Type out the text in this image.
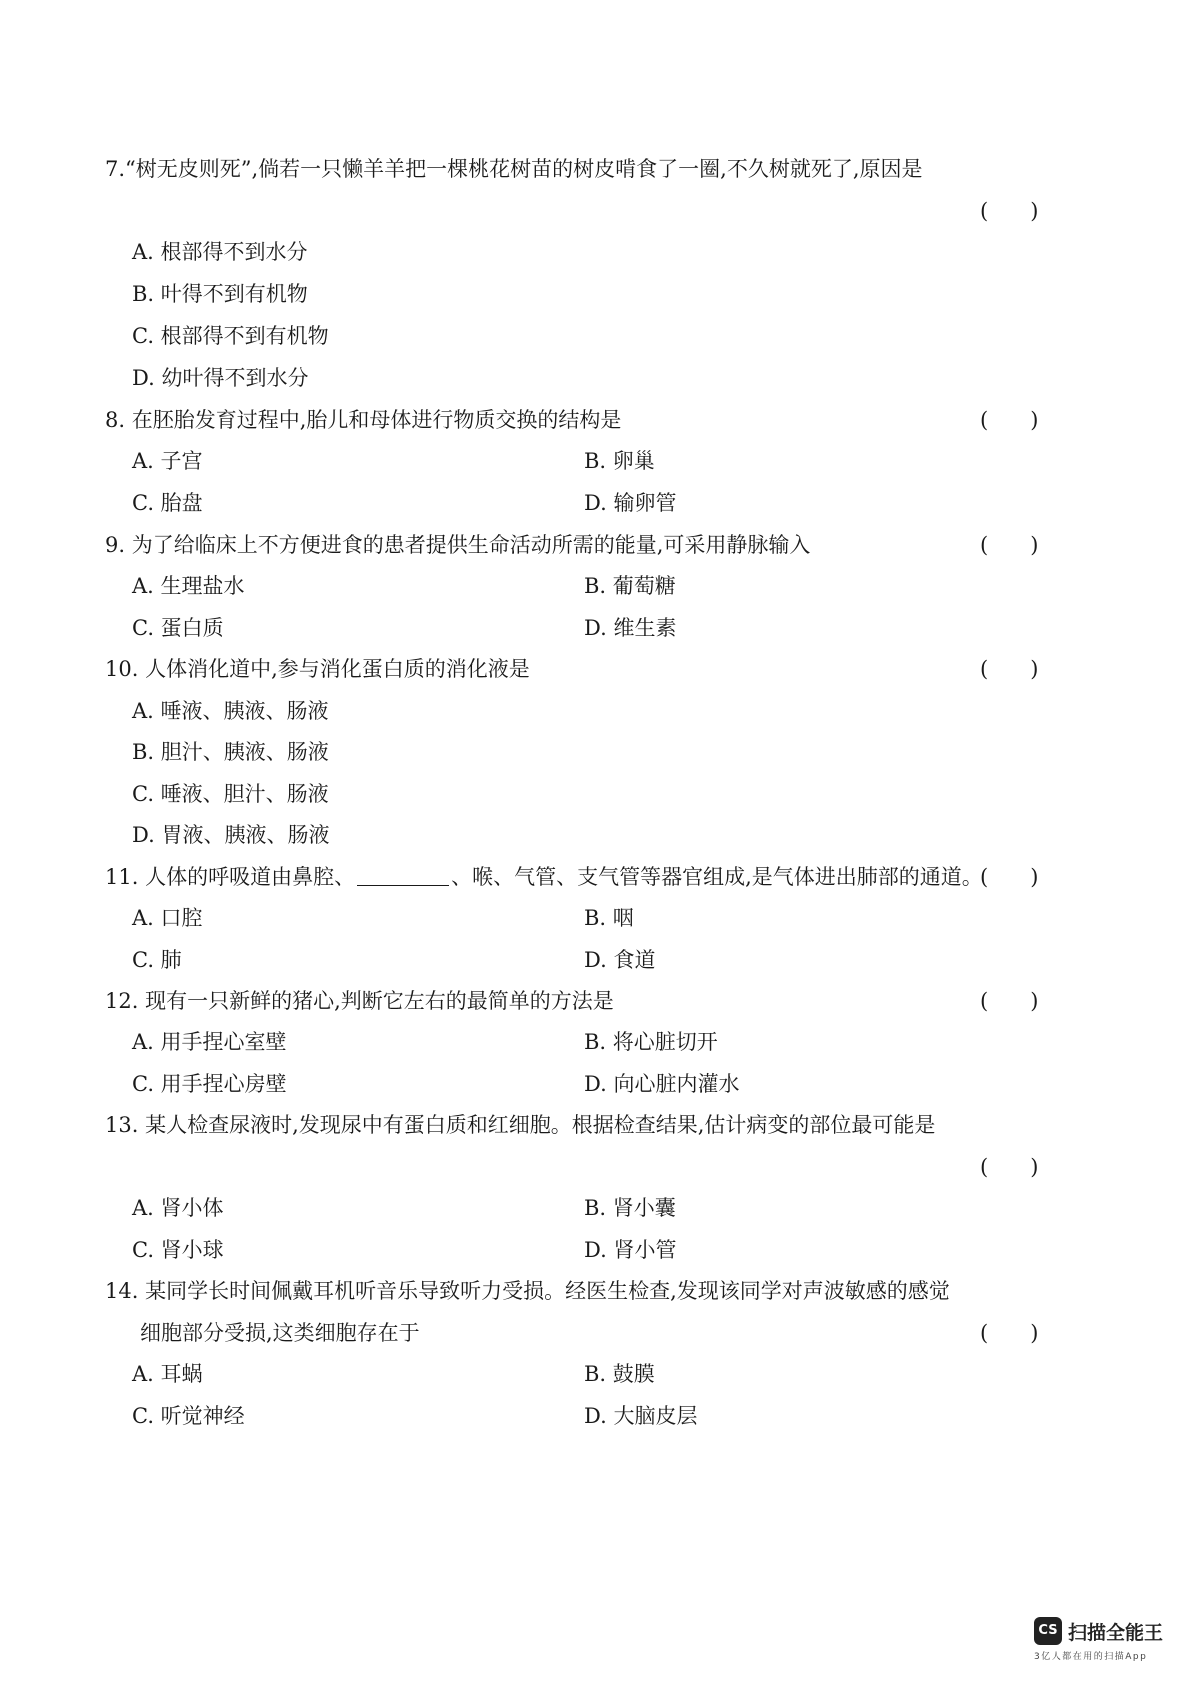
7.“树无皮则死”,倘若一只懒羊羊把一棵桃花树苗的树皮啃食了一圈,不久树就死了,原因是
(　　)
A. 根部得不到水分
B. 叶得不到有机物
C. 根部得不到有机物
D. 幼叶得不到水分
8. 在胚胎发育过程中,胎儿和母体进行物质交换的结构是	(　　)
A. 子宫	B. 卵巢
C. 胎盘	D. 输卵管
9. 为了给临床上不方便进食的患者提供生命活动所需的能量,可采用静脉输入	(　　)
A. 生理盐水	B. 葡萄糖
C. 蛋白质	D. 维生素
10. 人体消化道中,参与消化蛋白质的消化液是	(　　)
A. 唾液、胰液、肠液
B. 胆汁、胰液、肠液
C. 唾液、胆汁、肠液
D. 胃液、胰液、肠液
11. 人体的呼吸道由鼻腔、	、喉、气管、支气管等器官组成,是气体进出肺部的通道。
(　　)
A. 口腔	B. 咽
C. 肺	D. 食道
12. 现有一只新鲜的猪心,判断它左右的最简单的方法是	(　　)
A. 用手捏心室壁	B. 将心脏切开
C. 用手捏心房壁	D. 向心脏内灌水
13. 某人检查尿液时,发现尿中有蛋白质和红细胞。根据检查结果,估计病变的部位最可能是
(　　)
A. 肾小体	B. 肾小囊
C. 肾小球	D. 肾小管
14. 某同学长时间佩戴耳机听音乐导致听力受损。经医生检查,发现该同学对声波敏感的感觉
细胞部分受损,这类细胞存在于	(　　)
A. 耳蜗	B. 鼓膜
C. 听觉神经	D. 大脑皮层
CS 扫描全能王
3亿人都在用的扫描App
